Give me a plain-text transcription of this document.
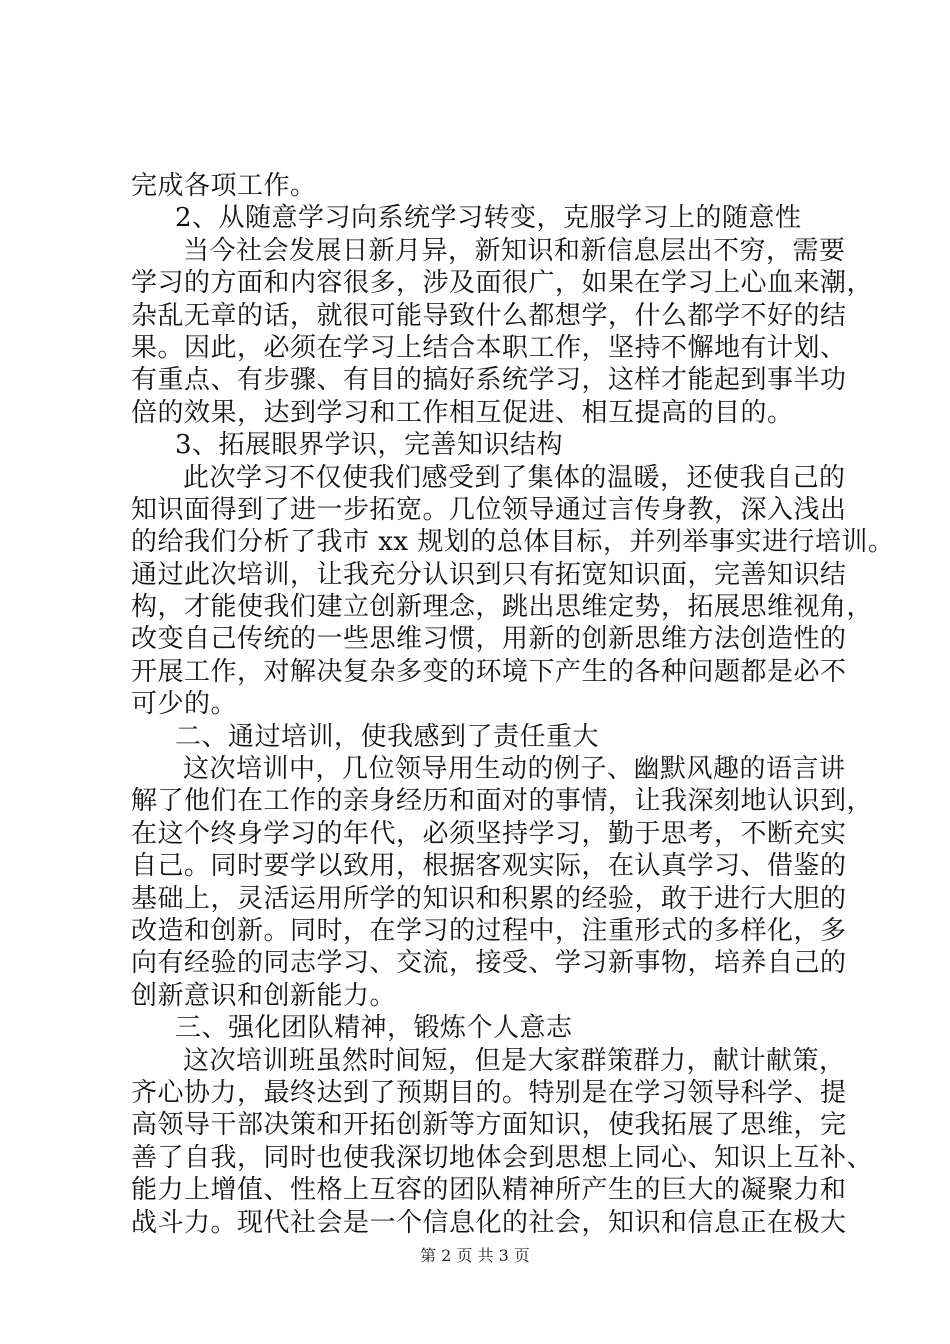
完成各项工作。
2、从随意学习向系统学习转变，克服学习上的随意性
当今社会发展日新月异，新知识和新信息层出不穷，需要
学习的方面和内容很多，涉及面很广，如果在学习上心血来潮，
杂乱无章的话，就很可能导致什么都想学，什么都学不好的结
果。因此，必须在学习上结合本职工作，坚持不懈地有计划、
有重点、有步骤、有目的搞好系统学习，这样才能起到事半功
倍的效果，达到学习和工作相互促进、相互提高的目的。
3、拓展眼界学识，完善知识结构
此次学习不仅使我们感受到了集体的温暖，还使我自己的
知识面得到了进一步拓宽。几位领导通过言传身教，深入浅出
的给我们分析了我市 xx 规划的总体目标，并列举事实进行培训。
通过此次培训，让我充分认识到只有拓宽知识面，完善知识结
构，才能使我们建立创新理念，跳出思维定势，拓展思维视角，
改变自己传统的一些思维习惯，用新的创新思维方法创造性的
开展工作，对解决复杂多变的环境下产生的各种问题都是必不
可少的。
二、通过培训，使我感到了责任重大
这次培训中，几位领导用生动的例子、幽默风趣的语言讲
解了他们在工作的亲身经历和面对的事情，让我深刻地认识到，
在这个终身学习的年代，必须坚持学习，勤于思考，不断充实
自己。同时要学以致用，根据客观实际，在认真学习、借鉴的
基础上，灵活运用所学的知识和积累的经验，敢于进行大胆的
改造和创新。同时，在学习的过程中，注重形式的多样化，多
向有经验的同志学习、交流，接受、学习新事物，培养自己的
创新意识和创新能力。
三、强化团队精神，锻炼个人意志
这次培训班虽然时间短，但是大家群策群力，献计献策，
齐心协力，最终达到了预期目的。特别是在学习领导科学、提
高领导干部决策和开拓创新等方面知识，使我拓展了思维，完
善了自我，同时也使我深切地体会到思想上同心、知识上互补、
能力上增值、性格上互容的团队精神所产生的巨大的凝聚力和
战斗力。现代社会是一个信息化的社会，知识和信息正在极大
第 2 页 共 3 页
